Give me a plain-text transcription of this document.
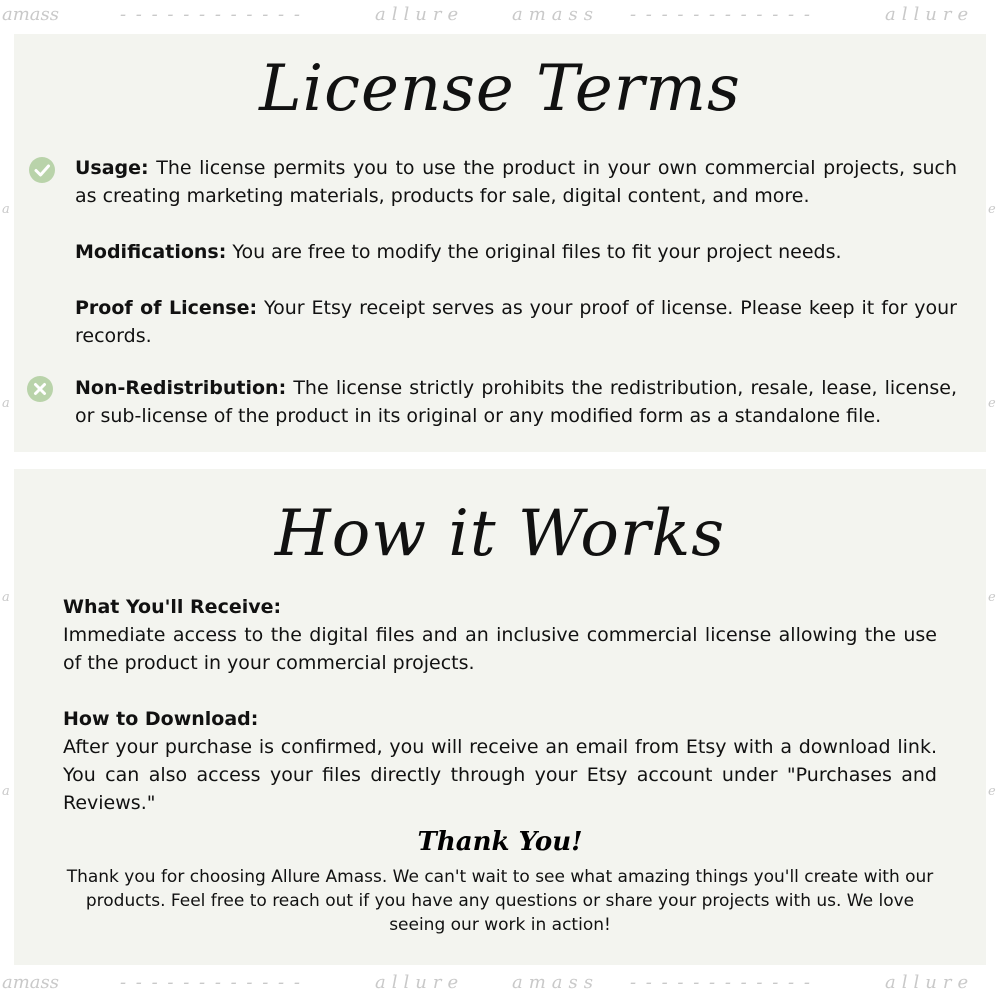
amass	- - - - - - - - - - - -	allure	amass - - - - - - - - - - - -	allure
amass	- - - - - - - - - - - -	allure	amass - - - - - - - - - - - -	allure
a
a
a
a
e
e
e
e
License Terms

Usage: The license permits you to use the product in your own commercial projects, such as creating marketing materials, products for sale, digital content, and more.

Modifications: You are free to modify the original files to fit your project needs.

Proof of License: Your Etsy receipt serves as your proof of license. Please keep it for your records.

Non-Redistribution: The license strictly prohibits the redistribution, resale, lease, license, or sub-license of the product in its original or any modified form as a standalone file.

How it Works
What You'll Receive:

Immediate access to the digital files and an inclusive commercial license allowing the use of the product in your commercial projects.

How to Download:

After your purchase is confirmed, you will receive an email from Etsy with a download link. You can also access your files directly through your Etsy account under "Purchases and Reviews."

Thank You!

Thank you for choosing Allure Amass. We can't wait to see what amazing things you'll create with our products. Feel free to reach out if you have any questions or share your projects with us. We love seeing our work in action!
